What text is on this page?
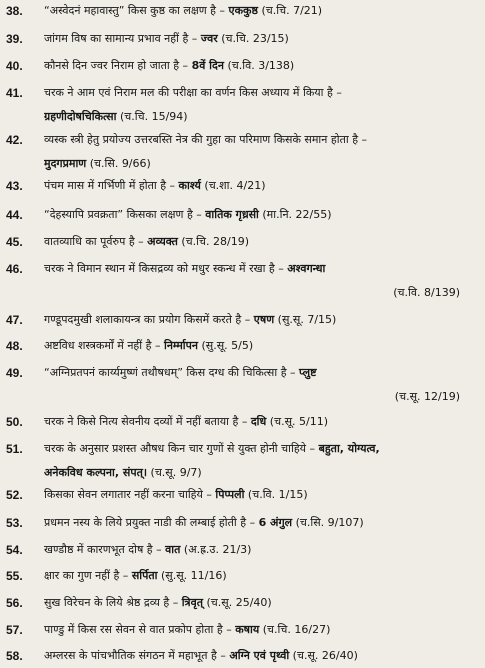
38.	“अस्वेदनं महावास्तु” किस कुष्ठ का लक्षण है – एककुष्ठ (च.चि. 7/21)
39.	जांगम विष का सामान्य प्रभाव नहीं है – ज्वर (च.चि. 23/15)
40.	कौनसे दिन ज्वर निराम हो जाता है – 8वें दिन (च.वि. 3/138)
41.	चरक ने आम एवं निराम मल की परीक्षा का वर्णन किस अध्याय में किया है –
ग्रहणीदोषचिकित्सा (च.चि. 15/94)
42.	व्यस्क स्त्री हेतु प्रयोज्य उत्तरबस्ति नेत्र की गुहा का परिमाण किसके समान होता है –
मुदगप्रमाण (च.सि. 9/66)
43.	पंचम मास में गर्भिणी में होता है – कार्श्य (च.शा. 4/21)
44.	“देहस्यापि प्रवक्रता” किसका लक्षण है – वातिक गृध्रसी (मा.नि. 22/55)
45.	वातव्याधि का पूर्वरुप है – अव्यक्त (च.चि. 28/19)
46.	चरक ने विमान स्थान में किसद्रव्य को मधुर स्कन्ध में रखा है – अश्वगन्धा
(च.वि. 8/139)
47.	गण्डूपदमुखी शलाकायन्त्र का प्रयोग किसमें करते है – एषण (सु.सू. 7/15)
48.	अष्टविध शस्त्रकर्मों में नहीं है – निर्म्मापन (सु.सू. 5/5)
49.	“अग्निप्रतपनं कार्य्यमुष्णं तथौषधम्” किस दग्ध की चिकित्सा है – प्लुष्ट
(च.सू. 12/19)
50.	चरक ने किसे नित्य सेवनीय दव्यों में नहीं बताया है – दधि (च.सू. 5/11)
51.	चरक के अनुसार प्रशस्त औषध किन चार गुणों से युक्त होनी चाहिये – बहुता, योग्यत्व,
अनेकविध कल्पना, संपत्। (च.सू. 9/7)
52.	किसका सेवन लगातार नहीं करना चाहिये – पिप्पली (च.वि. 1/15)
53.	प्रधमन नस्य के लिये प्रयुक्त नाडी की लम्बाई होती है – 6 अंगुल (च.सि. 9/107)
54.	खण्डौष्ठ में कारणभूत दोष है – वात (अ.ह्र.उ. 21/3)
55.	क्षार का गुण नहीं है – सर्पिता (सु.सू. 11/16)
56.	सुख विरेचन के लिये श्रेष्ठ द्रव्य है – त्रिवृत् (च.सू. 25/40)
57.	पाण्डु में किस रस सेवन से वात प्रकोप होता है – कषाय (च.चि. 16/27)
58.	अम्लरस के पांचभौतिक संगठन में महाभूत है – अग्नि एवं पृथ्वी (च.सू. 26/40)
